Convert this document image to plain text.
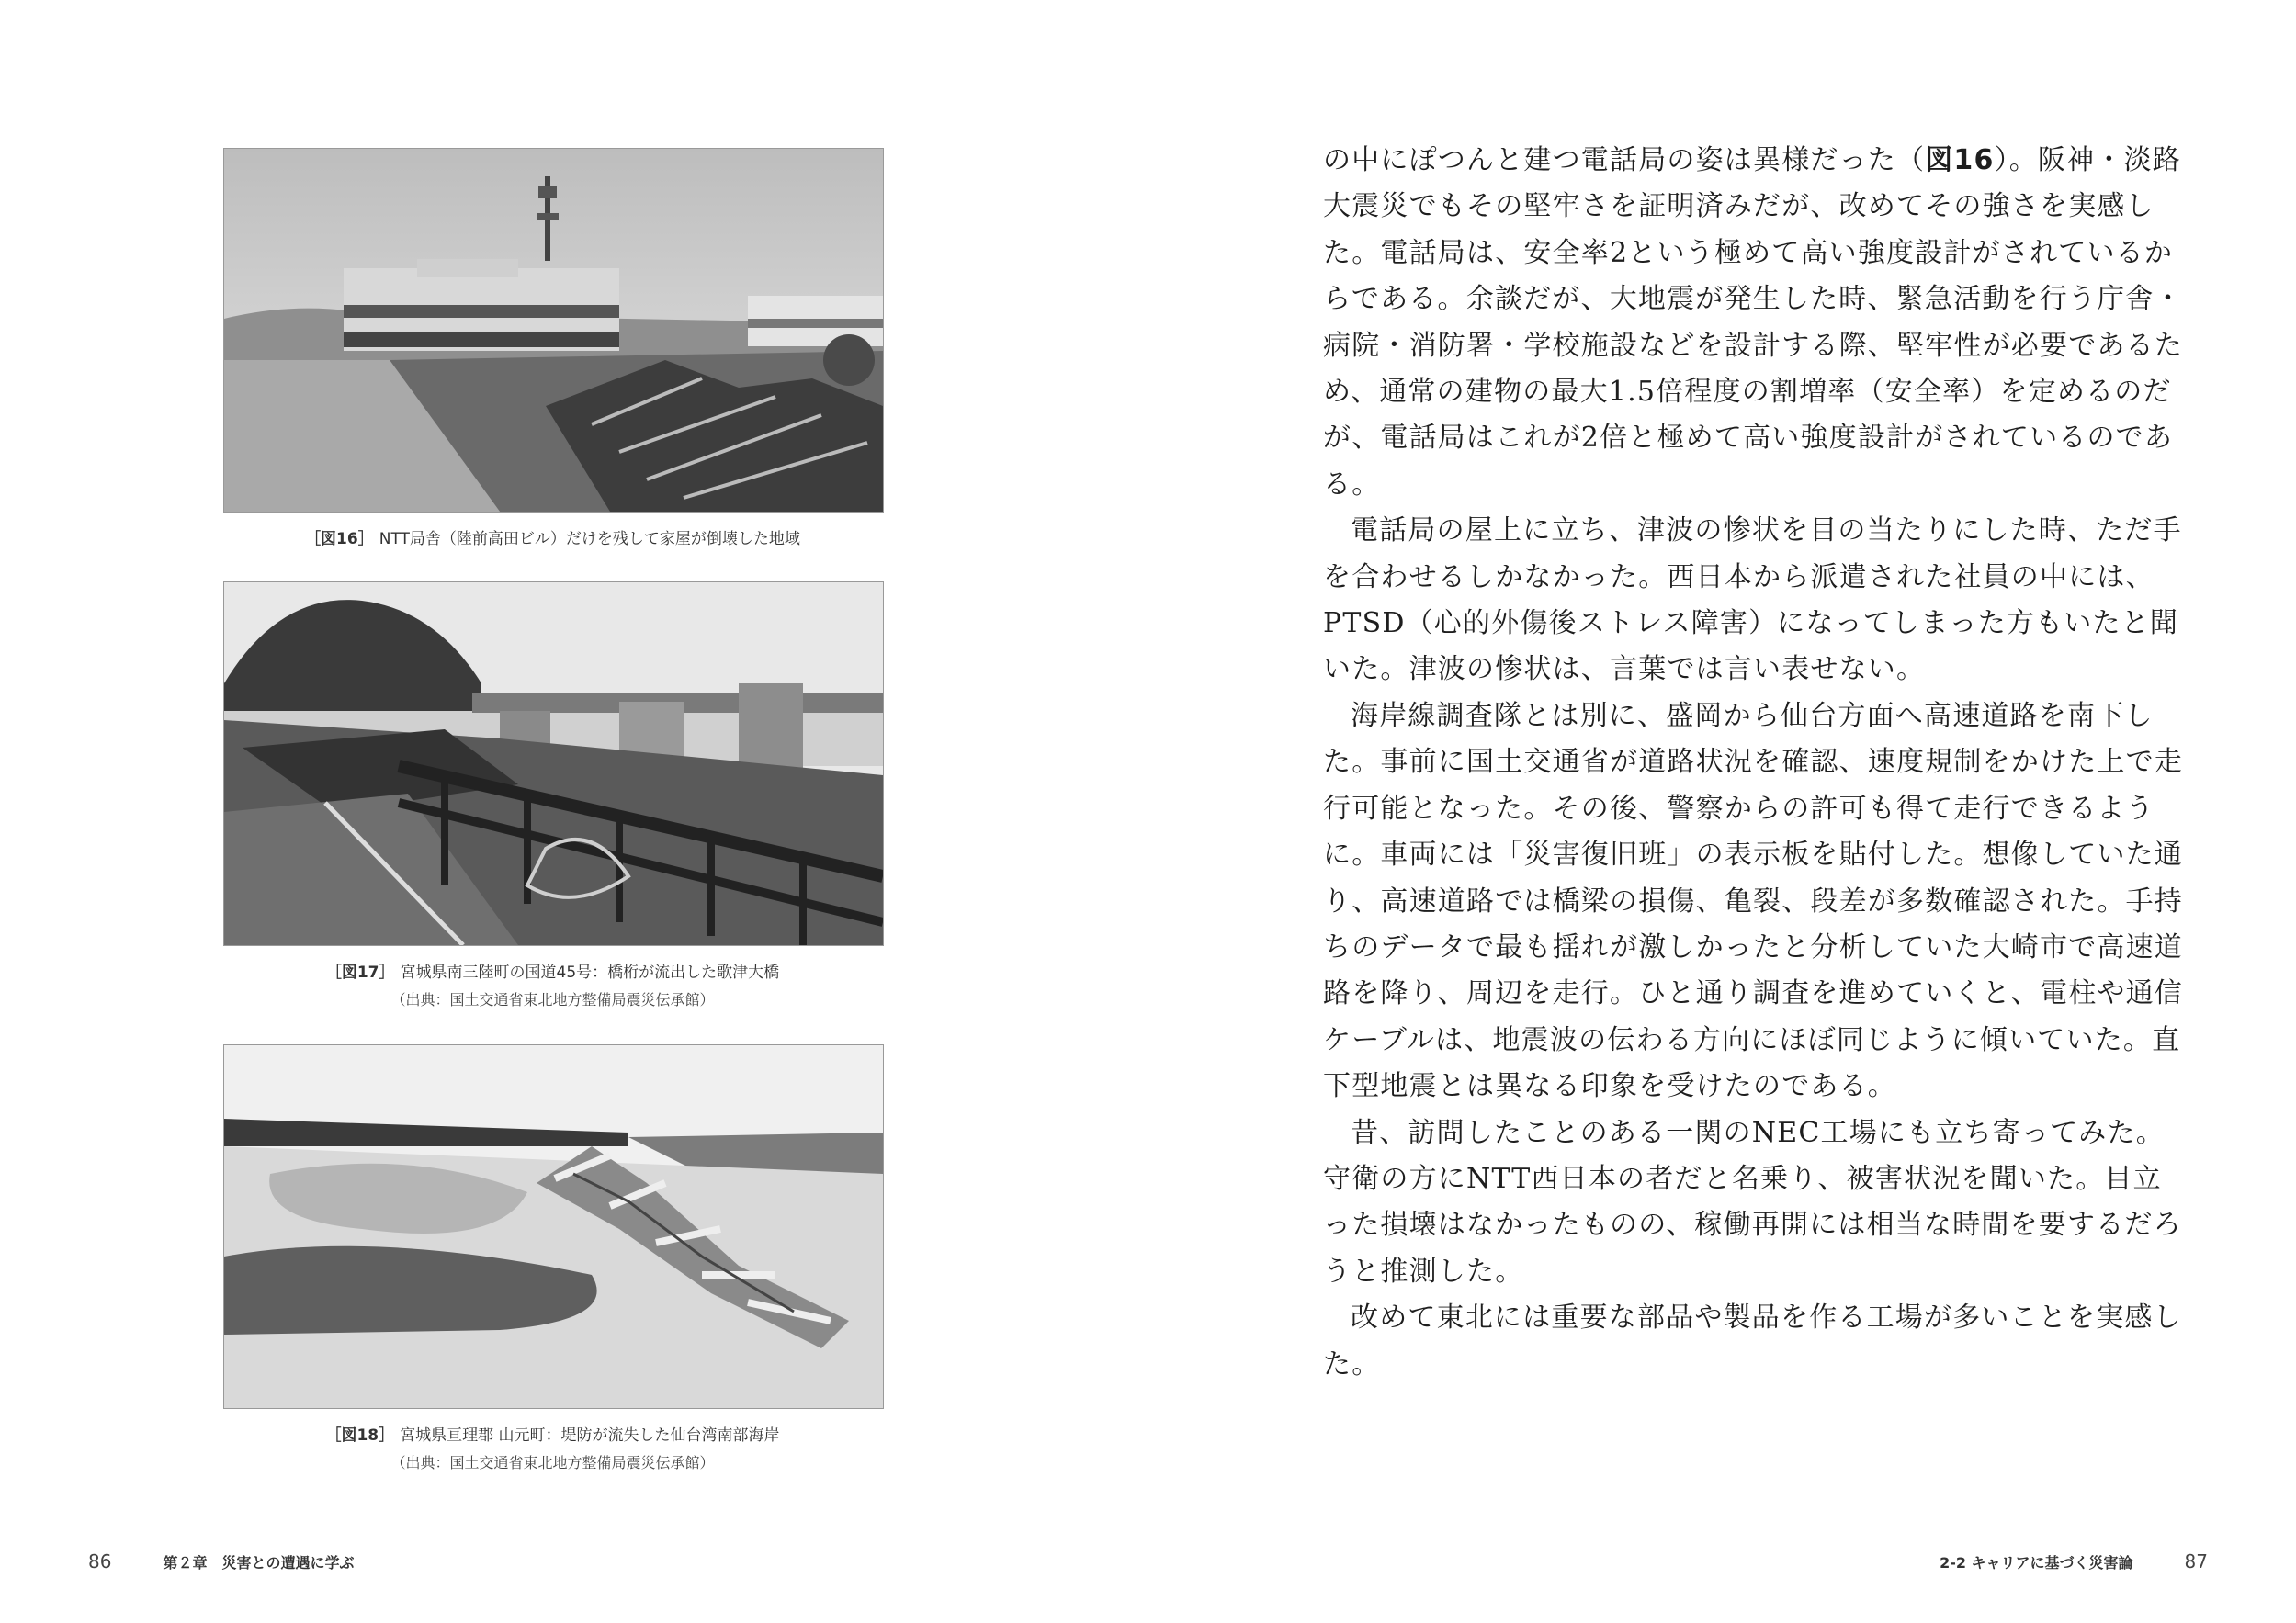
［図16］ NTT局舎（陸前高田ビル）だけを残して家屋が倒壊した地域
［図17］ 宮城県南三陸町の国道45号：橋桁が流出した歌津大橋
（出典：国土交通省東北地方整備局震災伝承館）
［図18］ 宮城県亘理郡 山元町：堤防が流失した仙台湾南部海岸
（出典：国土交通省東北地方整備局震災伝承館）

の中にぽつんと建つ電話局の姿は異様だった（図16）。阪神・淡路大震災でもその堅牢さを証明済みだが、改めてその強さを実感した。電話局は、安全率2という極めて高い強度設計がされているからである。余談だが、大地震が発生した時、緊急活動を行う庁舎・病院・消防署・学校施設などを設計する際、堅牢性が必要であるため、通常の建物の最大1.5倍程度の割増率（安全率）を定めるのだが、電話局はこれが2倍と極めて高い強度設計がされているのである。

電話局の屋上に立ち、津波の惨状を目の当たりにした時、ただ手を合わせるしかなかった。西日本から派遣された社員の中には、PTSD（心的外傷後ストレス障害）になってしまった方もいたと聞いた。津波の惨状は、言葉では言い表せない。

海岸線調査隊とは別に、盛岡から仙台方面へ高速道路を南下した。事前に国土交通省が道路状況を確認、速度規制をかけた上で走行可能となった。その後、警察からの許可も得て走行できるように。車両には「災害復旧班」の表示板を貼付した。想像していた通り、高速道路では橋梁の損傷、亀裂、段差が多数確認された。手持ちのデータで最も揺れが激しかったと分析していた大崎市で高速道路を降り、周辺を走行。ひと通り調査を進めていくと、電柱や通信ケーブルは、地震波の伝わる方向にほぼ同じように傾いていた。直下型地震とは異なる印象を受けたのである。

昔、訪問したことのある一関のNEC工場にも立ち寄ってみた。守衛の方にNTT西日本の者だと名乗り、被害状況を聞いた。目立った損壊はなかったものの、稼働再開には相当な時間を要するだろうと推測した。

改めて東北には重要な部品や製品を作る工場が多いことを実感した。

86	第２章　災害との遭遇に学ぶ	2-2 キャリアに基づく災害論	87
